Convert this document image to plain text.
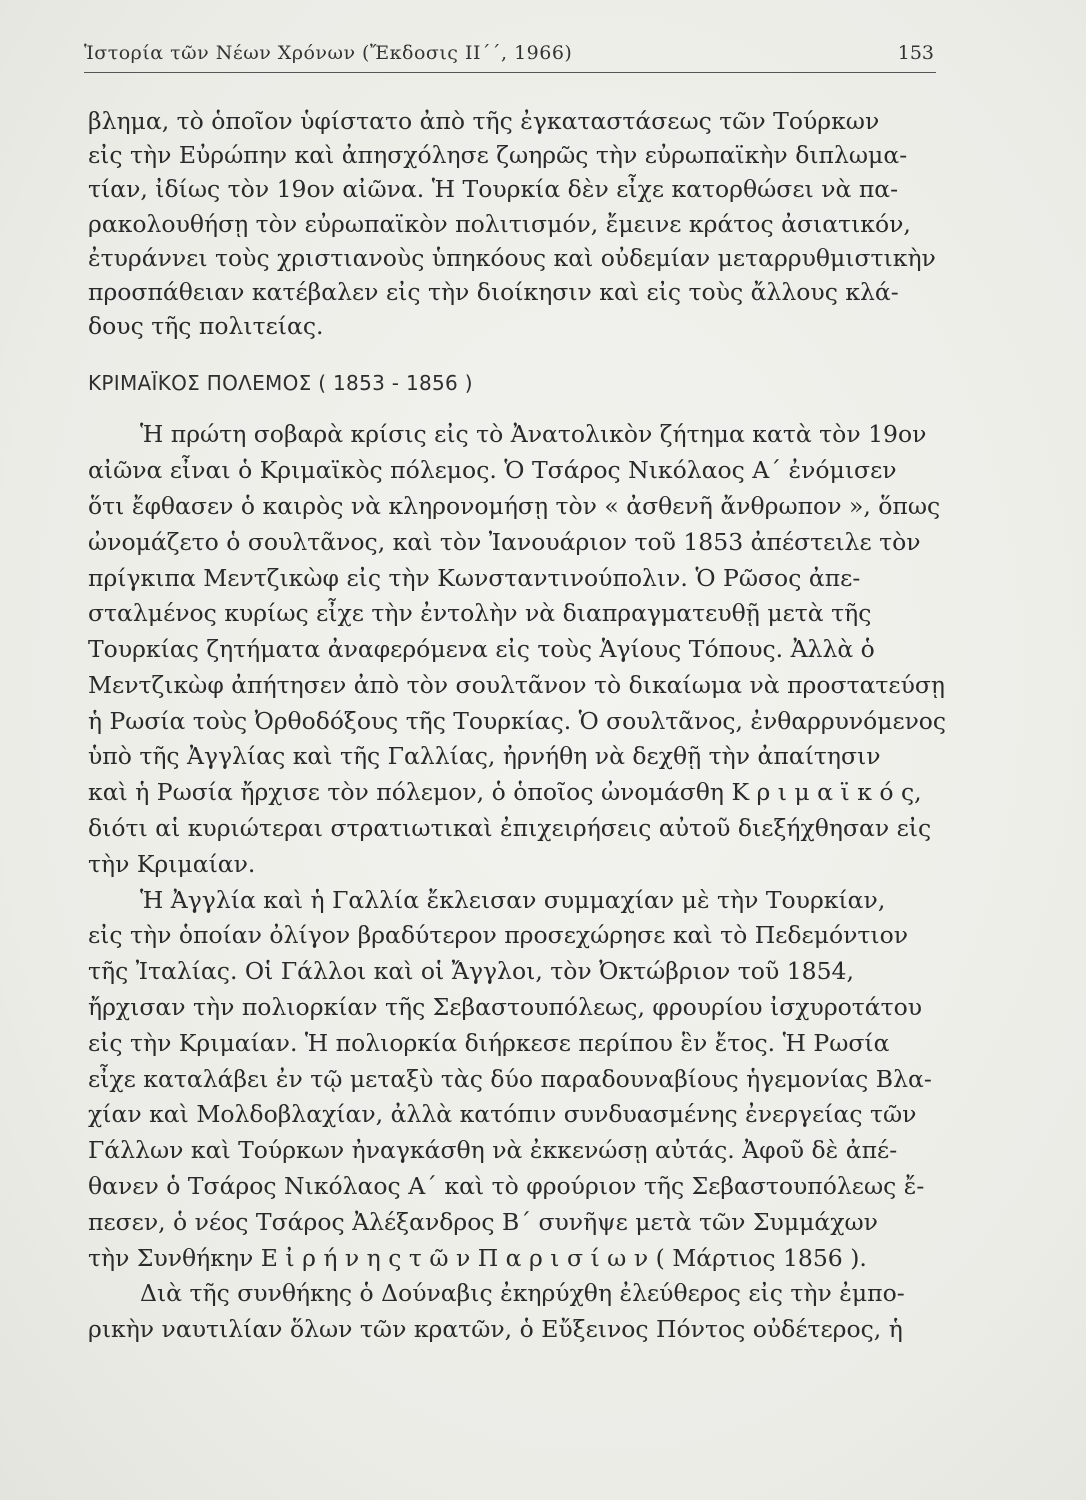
Ἱστορία τῶν Νέων Χρόνων (Ἔκδοσις ΙΙ΄΄, 1966)	153
βλημα, τὸ ὁποῖον ὑφίστατο ἀπὸ τῆς ἐγκαταστάσεως τῶν Τούρκων
εἰς τὴν Εὐρώπην καὶ ἀπησχόλησε ζωηρῶς τὴν εὐρωπαϊκὴν διπλωμα-
τίαν, ἰδίως τὸν 19ον αἰῶνα. Ἡ Τουρκία δὲν εἶχε κατορθώσει νὰ πα-
ρακολουθήσῃ τὸν εὐρωπαϊκὸν πολιτισμόν, ἔμεινε κράτος ἀσιατικόν,
ἐτυράννει τοὺς χριστιανοὺς ὑπηκόους καὶ οὐδεμίαν μεταρρυθμιστικὴν
προσπάθειαν κατέβαλεν εἰς τὴν διοίκησιν καὶ εἰς τοὺς ἄλλους κλά-
δους τῆς πολιτείας.
ΚΡΙΜΑΪΚΟΣ ΠΟΛΕΜΟΣ ( 1853 - 1856 )
Ἡ πρώτη σοβαρὰ κρίσις εἰς τὸ Ἀνατολικὸν ζήτημα κατὰ τὸν 19ον
αἰῶνα εἶναι ὁ Κριμαϊκὸς πόλεμος. Ὁ Τσάρος Νικόλαος Α΄ ἐνόμισεν
ὅτι ἔφθασεν ὁ καιρὸς νὰ κληρονομήσῃ τὸν « ἀσθενῆ ἄνθρωπον », ὅπως
ὠνομάζετο ὁ σουλτᾶνος, καὶ τὸν Ἰανουάριον τοῦ 1853 ἀπέστειλε τὸν
πρίγκιπα Μεντζικὼφ εἰς τὴν Κωνσταντινούπολιν. Ὁ Ρῶσος ἀπε-
σταλμένος κυρίως εἶχε τὴν ἐντολὴν νὰ διαπραγματευθῇ μετὰ τῆς
Τουρκίας ζητήματα ἀναφερόμενα εἰς τοὺς Ἁγίους Τόπους. Ἀλλὰ ὁ
Μεντζικὼφ ἀπήτησεν ἀπὸ τὸν σουλτᾶνον τὸ δικαίωμα νὰ προστατεύσῃ
ἡ Ρωσία τοὺς Ὀρθοδόξους τῆς Τουρκίας. Ὁ σουλτᾶνος, ἐνθαρρυνόμενος
ὑπὸ τῆς Ἀγγλίας καὶ τῆς Γαλλίας, ἠρνήθη νὰ δεχθῇ τὴν ἀπαίτησιν
καὶ ἡ Ρωσία ἤρχισε τὸν πόλεμον, ὁ ὁποῖος ὠνομάσθη Κ ρ ι μ α ϊ κ ό ς,
διότι αἱ κυριώτεραι στρατιωτικαὶ ἐπιχειρήσεις αὐτοῦ διεξήχθησαν εἰς
τὴν Κριμαίαν.
Ἡ Ἀγγλία καὶ ἡ Γαλλία ἔκλεισαν συμμαχίαν μὲ τὴν Τουρκίαν,
εἰς τὴν ὁποίαν ὀλίγον βραδύτερον προσεχώρησε καὶ τὸ Πεδεμόντιον
τῆς Ἰταλίας. Οἱ Γάλλοι καὶ οἱ Ἄγγλοι, τὸν Ὀκτώβριον τοῦ 1854,
ἤρχισαν τὴν πολιορκίαν τῆς Σεβαστουπόλεως, φρουρίου ἰσχυροτάτου
εἰς τὴν Κριμαίαν. Ἡ πολιορκία διήρκεσε περίπου ἓν ἔτος. Ἡ Ρωσία
εἶχε καταλάβει ἐν τῷ μεταξὺ τὰς δύο παραδουναβίους ἡγεμονίας Βλα-
χίαν καὶ Μολδοβλαχίαν, ἀλλὰ κατόπιν συνδυασμένης ἐνεργείας τῶν
Γάλλων καὶ Τούρκων ἠναγκάσθη νὰ ἐκκενώσῃ αὐτάς. Ἀφοῦ δὲ ἀπέ-
θανεν ὁ Τσάρος Νικόλαος Α΄ καὶ τὸ φρούριον τῆς Σεβαστουπόλεως ἔ-
πεσεν, ὁ νέος Τσάρος Ἀλέξανδρος Β΄ συνῆψε μετὰ τῶν Συμμάχων
τὴν Συνθήκην Ε ἰ ρ ή ν η ς τ ῶ ν Π α ρ ι σ ί ω ν ( Μάρτιος 1856 ).
Διὰ τῆς συνθήκης ὁ Δούναβις ἐκηρύχθη ἐλεύθερος εἰς τὴν ἐμπο-
ρικὴν ναυτιλίαν ὅλων τῶν κρατῶν, ὁ Εὔξεινος Πόντος οὐδέτερος, ἡ
